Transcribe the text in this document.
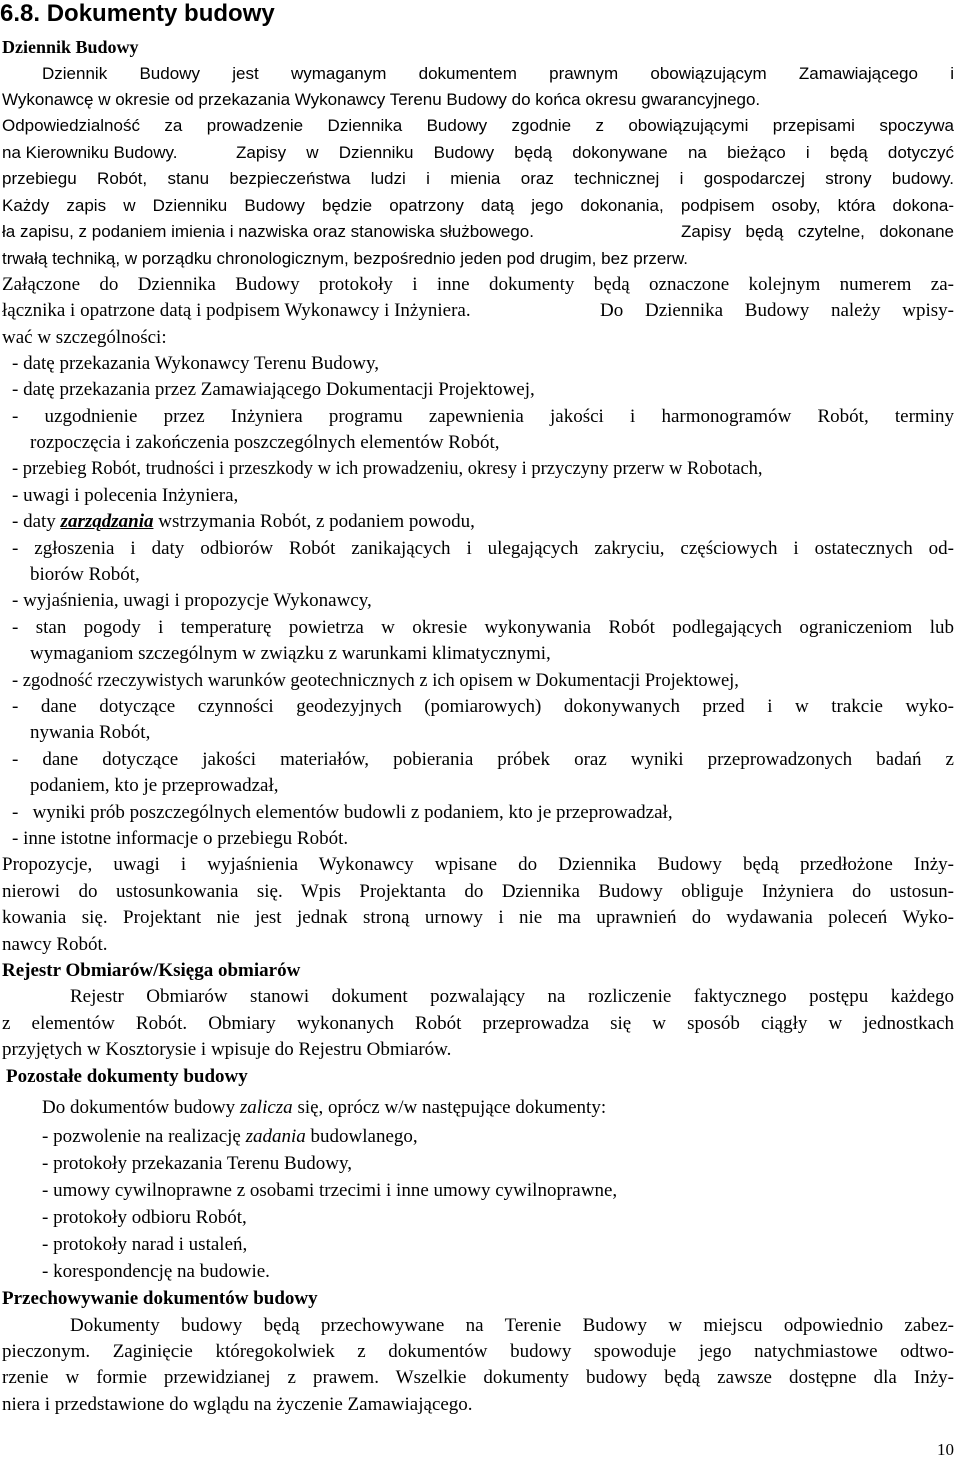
6.8. Dokumenty budowy
Dziennik Budowy
Dziennik Budowy jest wymaganym dokumentem prawnym obowiązującym Zamawiającego i
Wykonawcę w okresie od przekazania Wykonawcy Terenu Budowy do końca okresu gwarancyjnego.
Odpowiedzialność za prowadzenie Dziennika Budowy zgodnie z obowiązującymi przepisami spoczywa
na Kierowniku Budowy.	Zapisy w Dzienniku Budowy będą dokonywane na bieżąco i będą dotyczyć
przebiegu Robót, stanu bezpieczeństwa ludzi i mienia oraz technicznej i gospodarczej strony budowy.
Każdy zapis w Dzienniku Budowy będzie opatrzony datą jego dokonania, podpisem osoby, która dokona-
ła zapisu, z podaniem imienia i nazwiska oraz stanowiska służbowego.	Zapisy będą czytelne, dokonane
trwałą techniką, w porządku chronologicznym, bezpośrednio jeden pod drugim, bez przerw.
Załączone do Dziennika Budowy protokoły i inne dokumenty będą oznaczone kolejnym numerem za-
łącznika i opatrzone datą i podpisem Wykonawcy i Inżyniera.	Do Dziennika Budowy należy wpisy-
wać w szczególności:
- datę przekazania Wykonawcy Terenu Budowy,
- datę przekazania przez Zamawiającego Dokumentacji Projektowej,
- uzgodnienie przez Inżyniera programu zapewnienia jakości i harmonogramów Robót, terminy
rozpoczęcia i zakończenia poszczególnych elementów Robót,
- przebieg Robót, trudności i przeszkody w ich prowadzeniu, okresy i przyczyny przerw w Robotach,
- uwagi i polecenia Inżyniera,
- daty zarządzania wstrzymania Robót, z podaniem powodu,
- zgłoszenia i daty odbiorów Robót zanikających i ulegających zakryciu, częściowych i ostatecznych od-
biorów Robót,
- wyjaśnienia, uwagi i propozycje Wykonawcy,
- stan pogody i temperaturę powietrza w okresie wykonywania Robót podlegających ograniczeniom lub
wymaganiom szczególnym w związku z warunkami klimatycznymi,
- zgodność rzeczywistych warunków geotechnicznych z ich opisem w Dokumentacji Projektowej,
- dane dotyczące czynności geodezyjnych (pomiarowych) dokonywanych przed i w trakcie wyko-
nywania Robót,
- dane dotyczące jakości materiałów, pobierania próbek oraz wyniki przeprowadzonych badań z
podaniem, kto je przeprowadzał,
-   wyniki prób poszczególnych elementów budowli z podaniem, kto je przeprowadzał,
- inne istotne informacje o przebiegu Robót.
Propozycje, uwagi i wyjaśnienia Wykonawcy wpisane do Dziennika Budowy będą przedłożone Inży-
nierowi do ustosunkowania się. Wpis Projektanta do Dziennika Budowy obliguje Inżyniera do ustosun-
kowania się. Projektant nie jest jednak stroną urnowy i nie ma uprawnień do wydawania poleceń Wyko-
nawcy Robót.
Rejestr Obmiarów/Księga obmiarów
Rejestr Obmiarów stanowi dokument pozwalający na rozliczenie faktycznego postępu każdego
z elementów Robót. Obmiary wykonanych Robót przeprowadza się w sposób ciągły w jednostkach
przyjętych w Kosztorysie i wpisuje do Rejestru Obmiarów.
Pozostałe dokumenty budowy
Do dokumentów budowy zalicza się, oprócz w/w następujące dokumenty:
- pozwolenie na realizację zadania budowlanego,
- protokoły przekazania Terenu Budowy,
- umowy cywilnoprawne z osobami trzecimi i inne umowy cywilnoprawne,
- protokoły odbioru Robót,
- protokoły narad i ustaleń,
- korespondencję na budowie.
Przechowywanie dokumentów budowy
Dokumenty budowy będą przechowywane na Terenie Budowy w miejscu odpowiednio zabez-
pieczonym. Zaginięcie któregokolwiek z dokumentów budowy spowoduje jego natychmiastowe odtwo-
rzenie w formie przewidzianej z prawem. Wszelkie dokumenty budowy będą zawsze dostępne dla Inży-
niera i przedstawione do wglądu na życzenie Zamawiającego.
10
